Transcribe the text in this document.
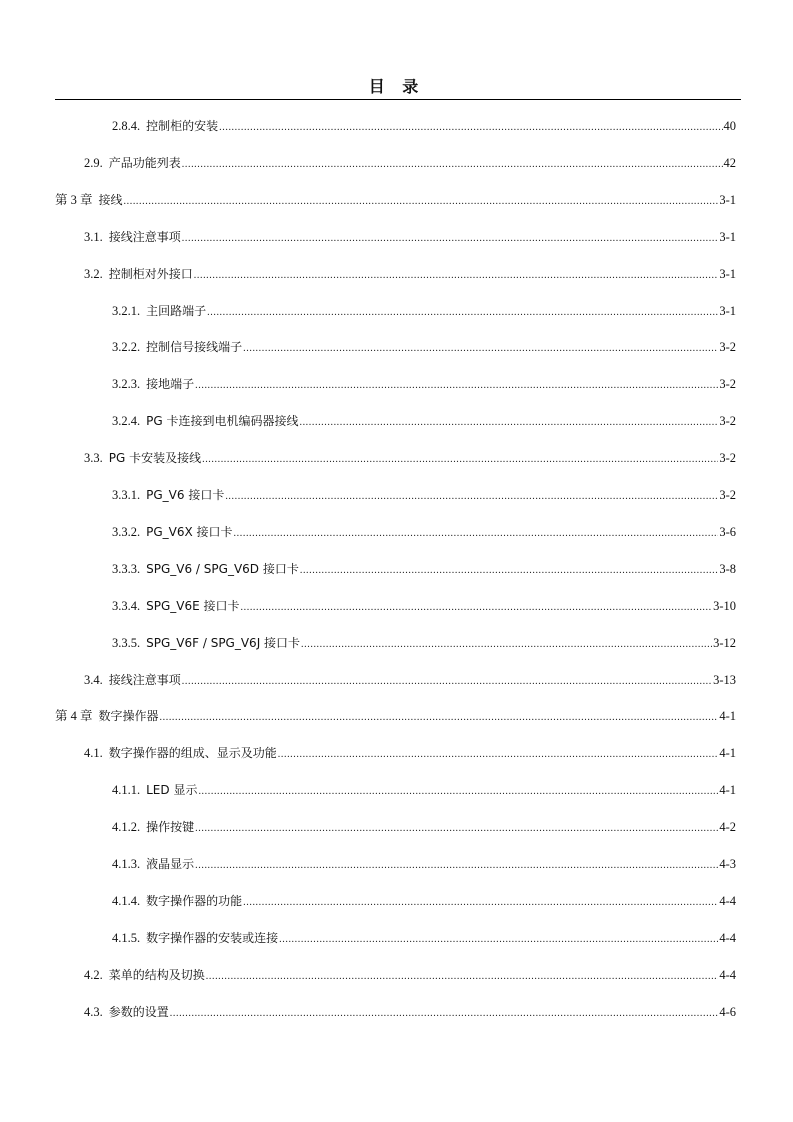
目 录
2.8.4. 控制柜的安装 .....	40
2.9. 产品功能列表 .....	42
第 3 章 接线 .....	3-1
3.1. 接线注意事项 .....	3-1
3.2. 控制柜对外接口 .....	3-1
3.2.1. 主回路端子 .....	3-1
3.2.2. 控制信号接线端子 .....	3-2
3.2.3. 接地端子 .....	3-2
3.2.4. PG 卡连接到电机编码器接线 .....	3-2
3.3. PG 卡安装及接线 .....	3-2
3.3.1. PG_V6 接口卡 .....	3-2
3.3.2. PG_V6X 接口卡 .....	3-6
3.3.3. SPG_V6 / SPG_V6D 接口卡 .....	3-8
3.3.4. SPG_V6E 接口卡 .....	3-10
3.3.5. SPG_V6F / SPG_V6J 接口卡 .....	3-12
3.4. 接线注意事项 .....	3-13
第 4 章 数字操作器 .....	4-1
4.1. 数字操作器的组成、显示及功能 .....	4-1
4.1.1. LED 显示 .....	4-1
4.1.2. 操作按键 .....	4-2
4.1.3. 液晶显示 .....	4-3
4.1.4. 数字操作器的功能 .....	4-4
4.1.5. 数字操作器的安装或连接 .....	4-4
4.2. 菜单的结构及切换 .....	4-4
4.3. 参数的设置 .....	4-6
